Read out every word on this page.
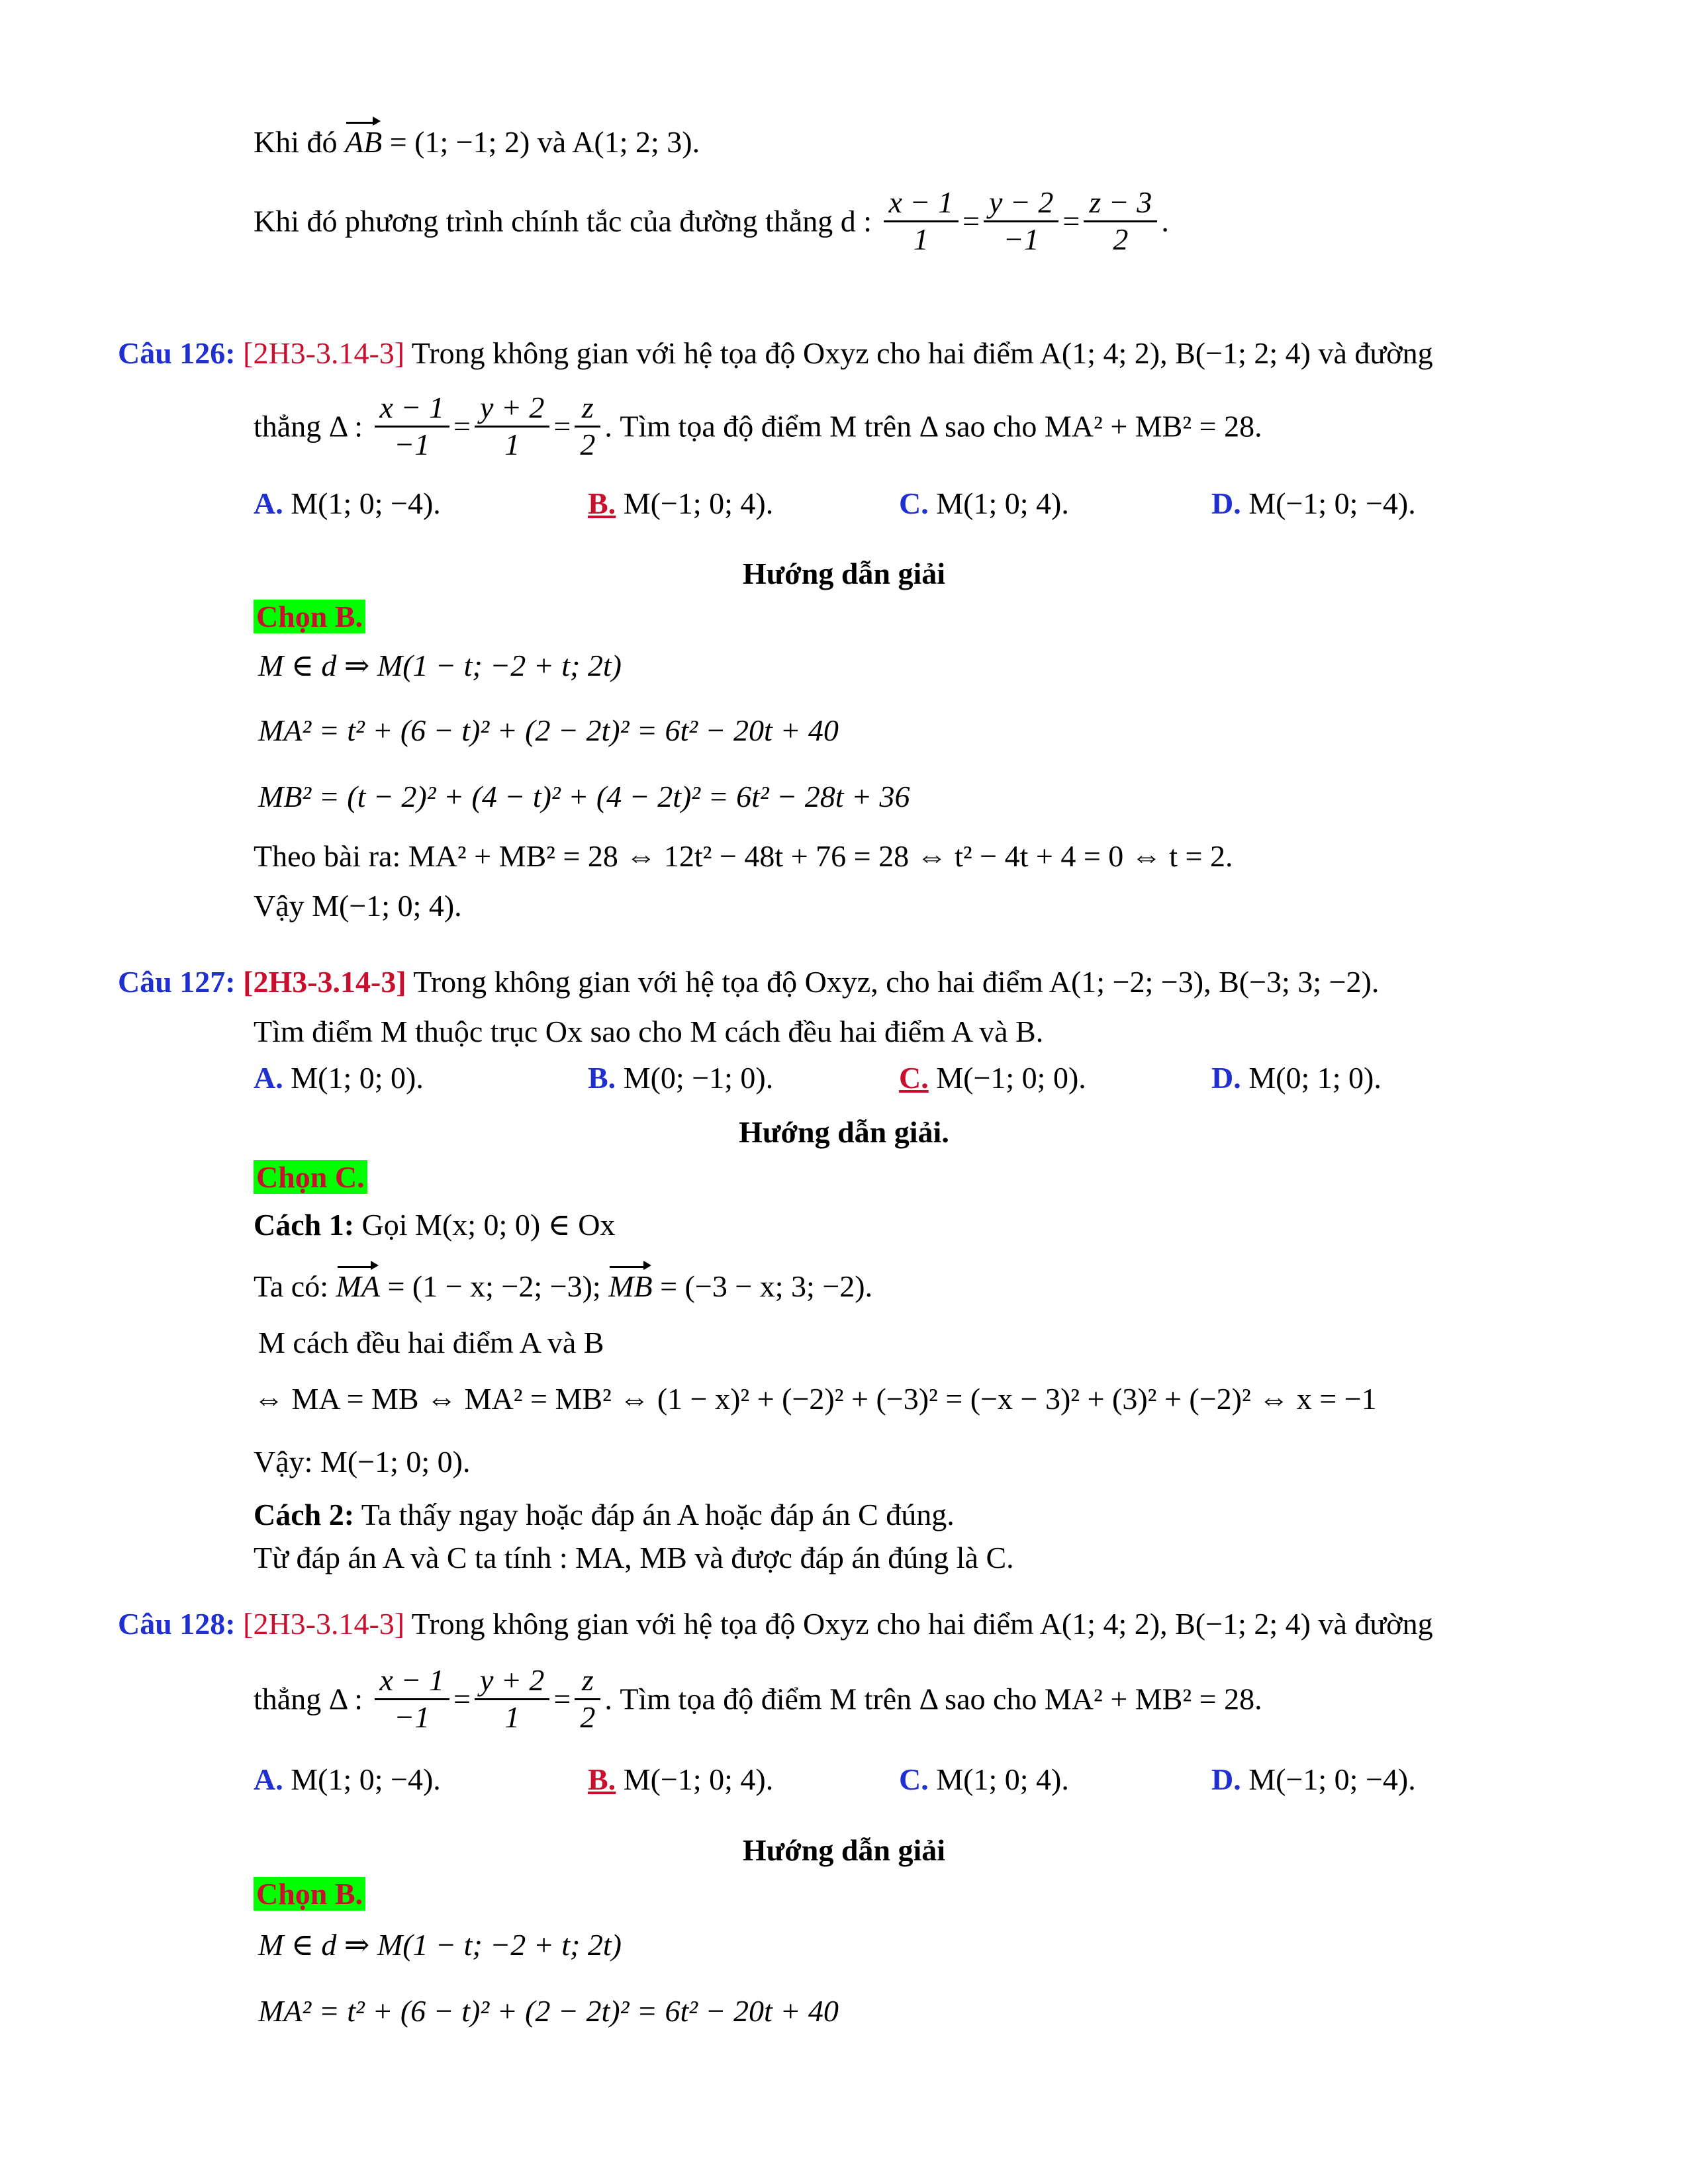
Khi đó AB = (1; −1; 2) và A(1; 2; 3).
Khi đó phương trình chính tắc của đường thẳng d : $\frac{x - 1}{1} = \frac{y - 2}{-1} = \frac{z - 3}{2}$ .
Câu 126: [2H3-3.14-3] Trong không gian với hệ tọa độ Oxyz cho hai điểm A(1; 4; 2), B(−1; 2; 4) và đường
thẳng Δ : $\frac{x - 1}{-1} = \frac{y + 2}{1} = \frac{z}{2}$ . Tìm tọa độ điểm M trên Δ sao cho MA² + MB² = 28.
A. M(1; 0; −4).	B. M(−1; 0; 4).	C. M(1; 0; 4).	D. M(−1; 0; −4).
Hướng dẫn giải
Chọn B.
M ∈ d ⇒ M(1 − t; −2 + t; 2t)
MA² = t² + (6 − t)² + (2 − 2t)² = 6t² − 20t + 40
MB² = (t − 2)² + (4 − t)² + (4 − 2t)² = 6t² − 28t + 36
Theo bài ra: MA² + MB² = 28 ⇔ 12t² − 48t + 76 = 28 ⇔ t² − 4t + 4 = 0 ⇔ t = 2.
Vậy M(−1; 0; 4).
Câu 127: [2H3-3.14-3] Trong không gian với hệ tọa độ Oxyz, cho hai điểm A(1; −2; −3), B(−3; 3; −2).
Tìm điểm M thuộc trục Ox sao cho M cách đều hai điểm A và B.
A. M(1; 0; 0).	B. M(0; −1; 0).	C. M(−1; 0; 0).	D. M(0; 1; 0).
Hướng dẫn giải.
Chọn C.
Cách 1: Gọi M(x; 0; 0) ∈ Ox
Ta có: MA = (1 − x; −2; −3); MB = (−3 − x; 3; −2).
M cách đều hai điểm A và B
⇔ MA = MB ⇔ MA² = MB² ⇔ (1 − x)² + (−2)² + (−3)² = (−x − 3)² + (3)² + (−2)² ⇔ x = −1
Vậy: M(−1; 0; 0).
Cách 2: Ta thấy ngay hoặc đáp án A hoặc đáp án C đúng.
Từ đáp án A và C ta tính : MA, MB và được đáp án đúng là C.
Câu 128: [2H3-3.14-3] Trong không gian với hệ tọa độ Oxyz cho hai điểm A(1; 4; 2), B(−1; 2; 4) và đường
thẳng Δ : $\frac{x - 1}{-1} = \frac{y + 2}{1} = \frac{z}{2}$ . Tìm tọa độ điểm M trên Δ sao cho MA² + MB² = 28.
A. M(1; 0; −4).	B. M(−1; 0; 4).	C. M(1; 0; 4).	D. M(−1; 0; −4).
Hướng dẫn giải
Chọn B.
M ∈ d ⇒ M(1 − t; −2 + t; 2t)
MA² = t² + (6 − t)² + (2 − 2t)² = 6t² − 20t + 40
